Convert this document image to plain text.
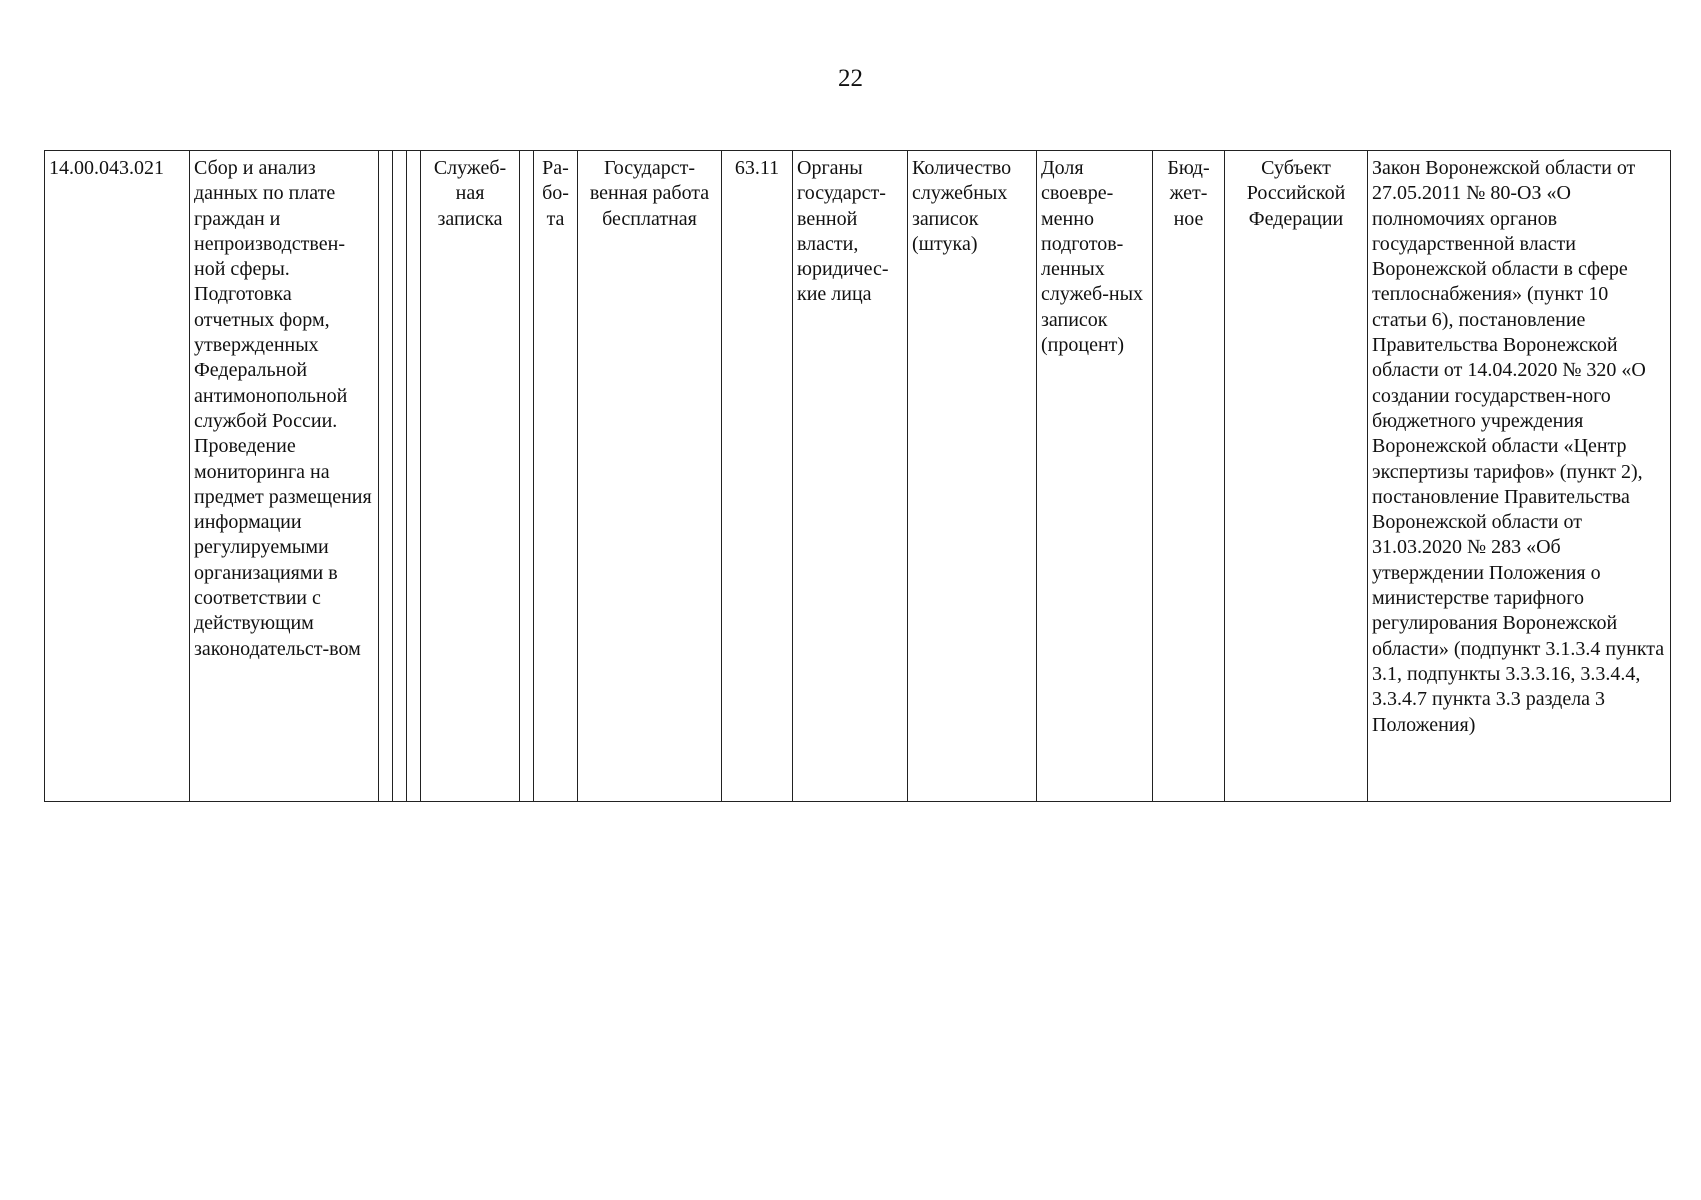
22
14.00.043.021	Сбор и анализ данных по плате граждан и непроизводствен-ной сферы. Подготовка отчетных форм, утвержденных Федеральной антимонопольной службой России. Проведение мониторинга на предмет размещения информации регулируемыми организациями в соответствии с действующим законодательст-вом				Служеб-ная записка		Ра-бо-та	Государст-венная работа бесплатная	63.11	Органы государст-венной власти, юридичес-кие лица	Количество служебных записок (штука)	Доля своевре-менно подготов-ленных служеб-ных записок (процент)	Бюд-жет-ное	Субъект Российской Федерации	Закон Воронежской области от 27.05.2011 № 80-ОЗ «О полномочиях органов государственной власти Воронежской области в сфере теплоснабжения» (пункт 10 статьи 6), постановление Правительства Воронежской области от 14.04.2020 № 320 «О создании государствен-ного бюджетного учреждения Воронежской области «Центр экспертизы тарифов» (пункт 2), постановление Правительства Воронежской области от 31.03.2020 № 283 «Об утверждении Положения о министерстве тарифного регулирования Воронежской области» (подпункт 3.1.3.4 пункта 3.1, подпункты 3.3.3.16, 3.3.4.4, 3.3.4.7 пункта 3.3 раздела 3 Положения)
